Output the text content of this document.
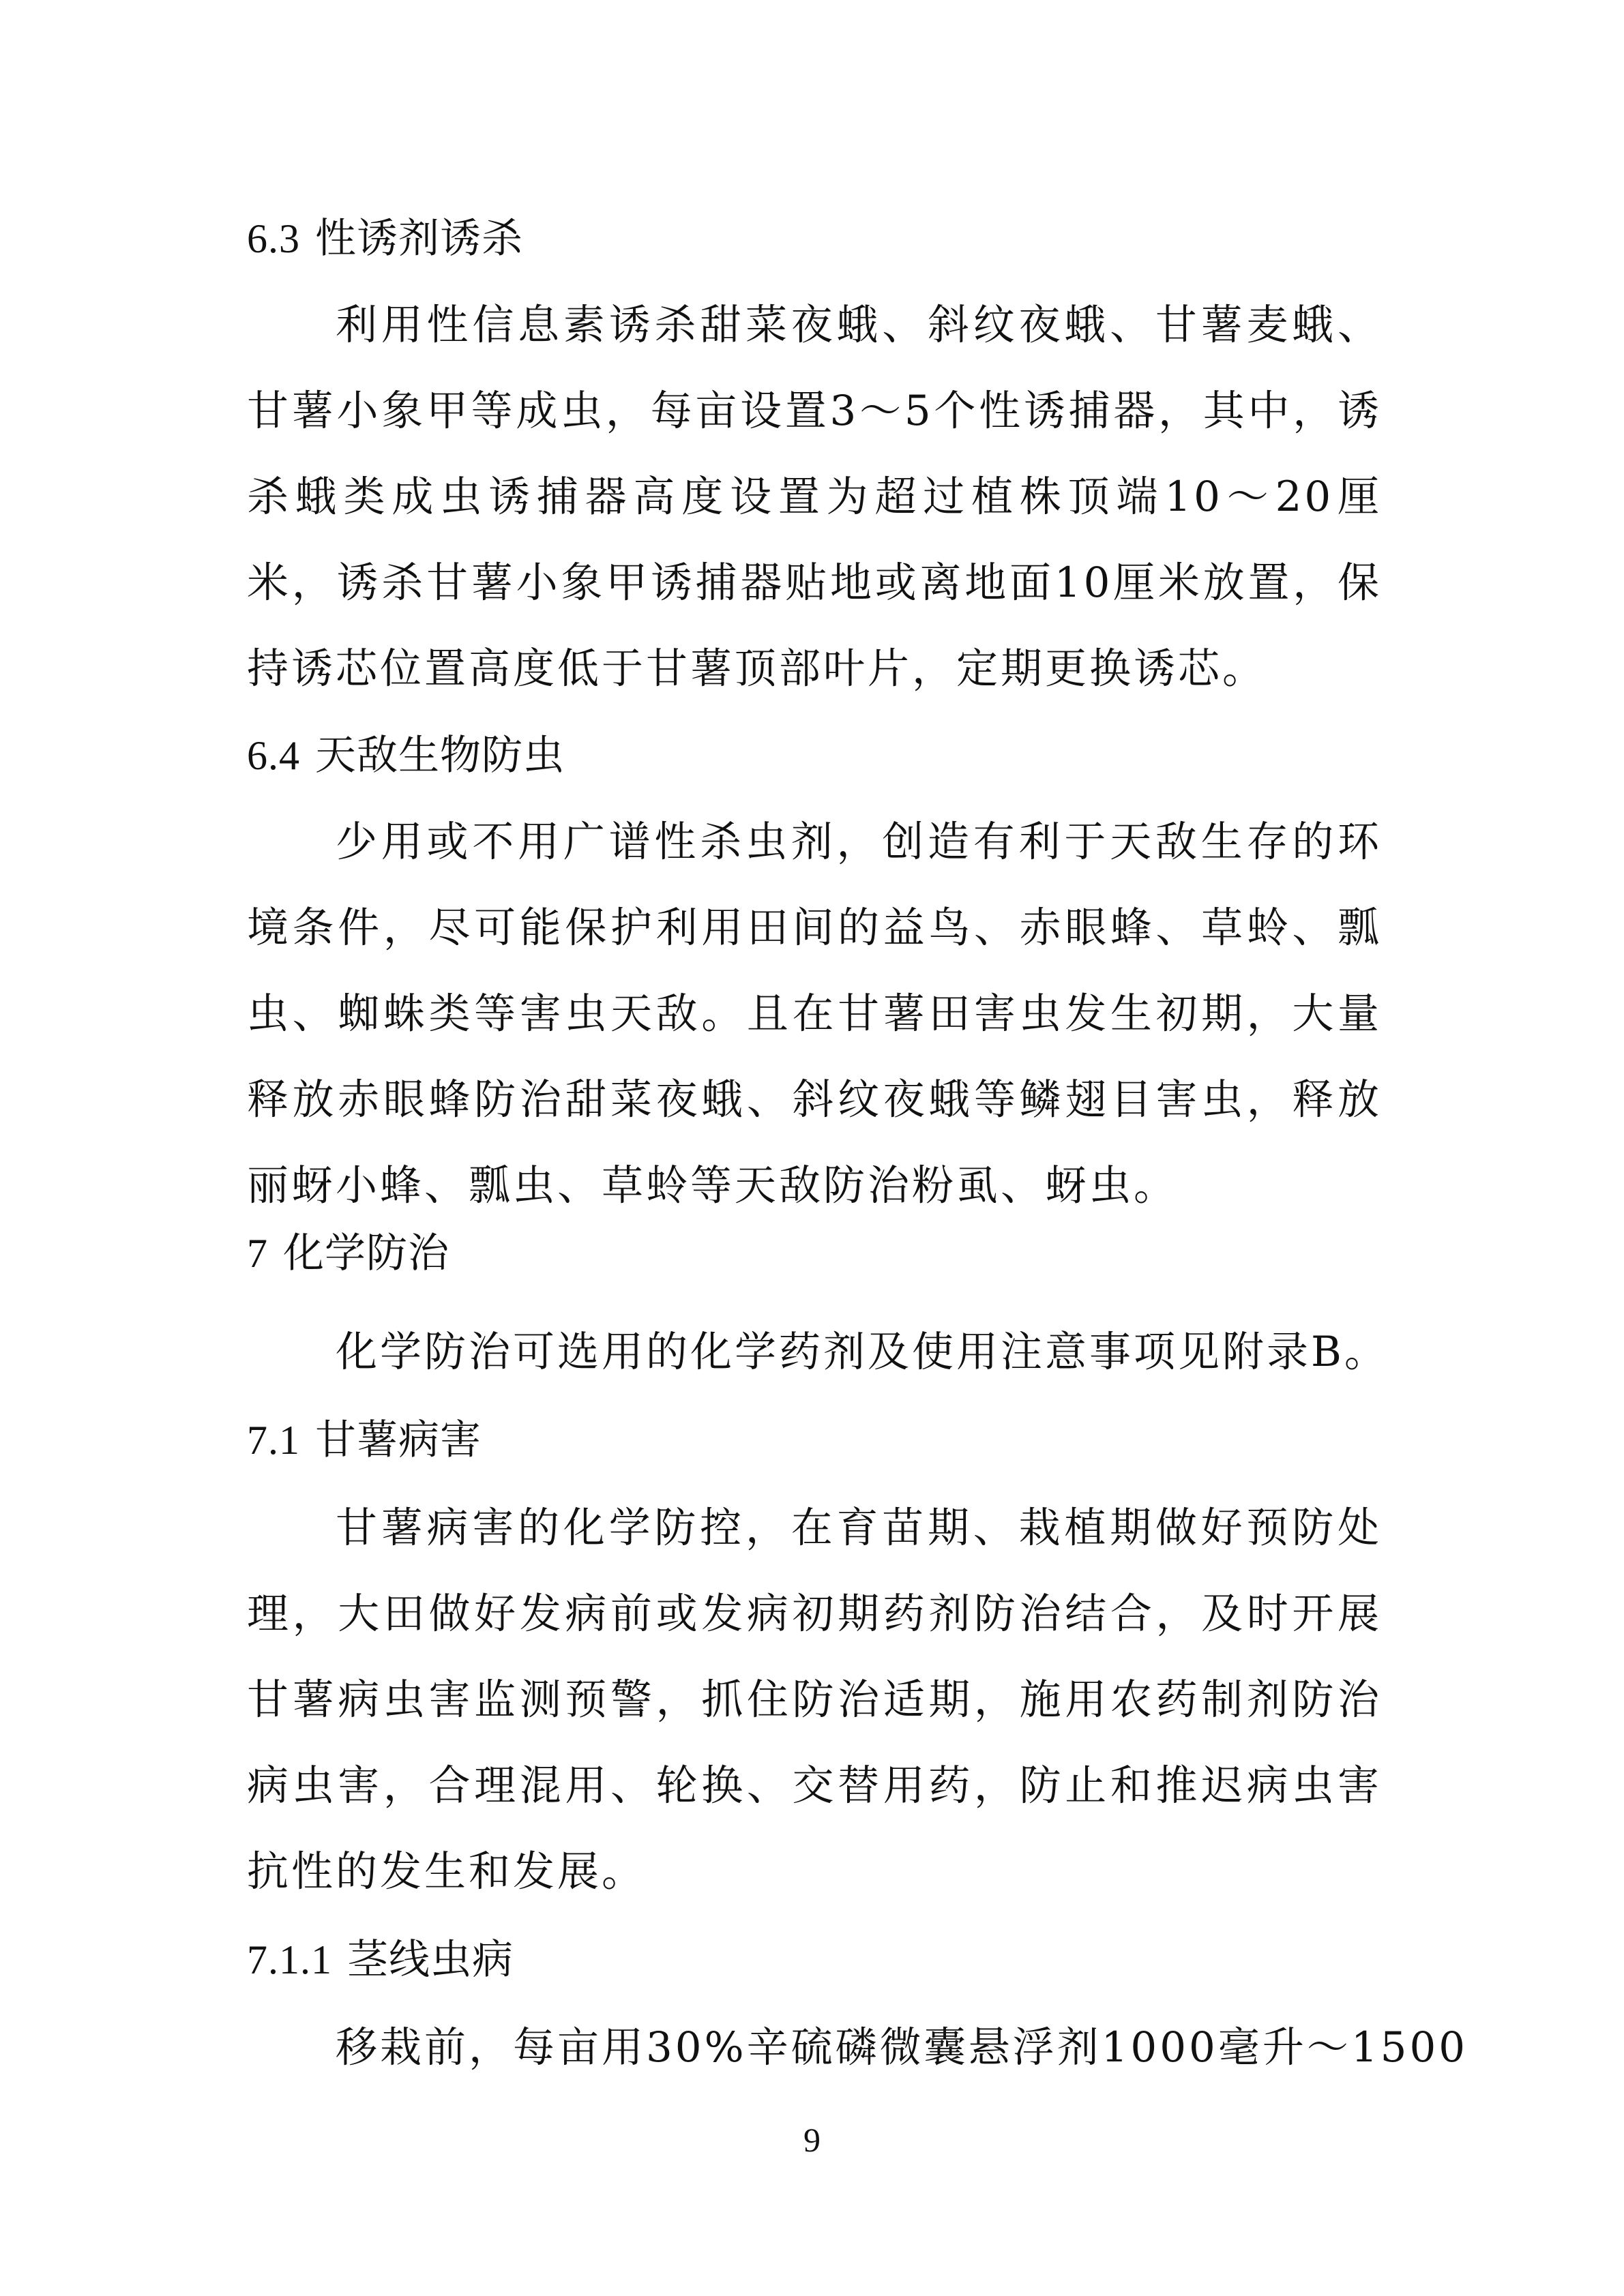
6.3 性诱剂诱杀
利用性信息素诱杀甜菜夜蛾、斜纹夜蛾、甘薯麦蛾、甘薯小象甲等成虫，每亩设置3～5个性诱捕器，其中，诱杀蛾类成虫诱捕器高度设置为超过植株顶端10～20厘米，诱杀甘薯小象甲诱捕器贴地或离地面10厘米放置，保持诱芯位置高度低于甘薯顶部叶片，定期更换诱芯。
6.4 天敌生物防虫
少用或不用广谱性杀虫剂，创造有利于天敌生存的环境条件，尽可能保护利用田间的益鸟、赤眼蜂、草蛉、瓢虫、蜘蛛类等害虫天敌。且在甘薯田害虫发生初期，大量释放赤眼蜂防治甜菜夜蛾、斜纹夜蛾等鳞翅目害虫，释放丽蚜小蜂、瓢虫、草蛉等天敌防治粉虱、蚜虫。
7 化学防治
化学防治可选用的化学药剂及使用注意事项见附录B。
7.1 甘薯病害
甘薯病害的化学防控，在育苗期、栽植期做好预防处理，大田做好发病前或发病初期药剂防治结合，及时开展甘薯病虫害监测预警，抓住防治适期，施用农药制剂防治病虫害，合理混用、轮换、交替用药，防止和推迟病虫害抗性的发生和发展。
7.1.1 茎线虫病
移栽前，每亩用30%辛硫磷微囊悬浮剂1000毫升～1500
9
